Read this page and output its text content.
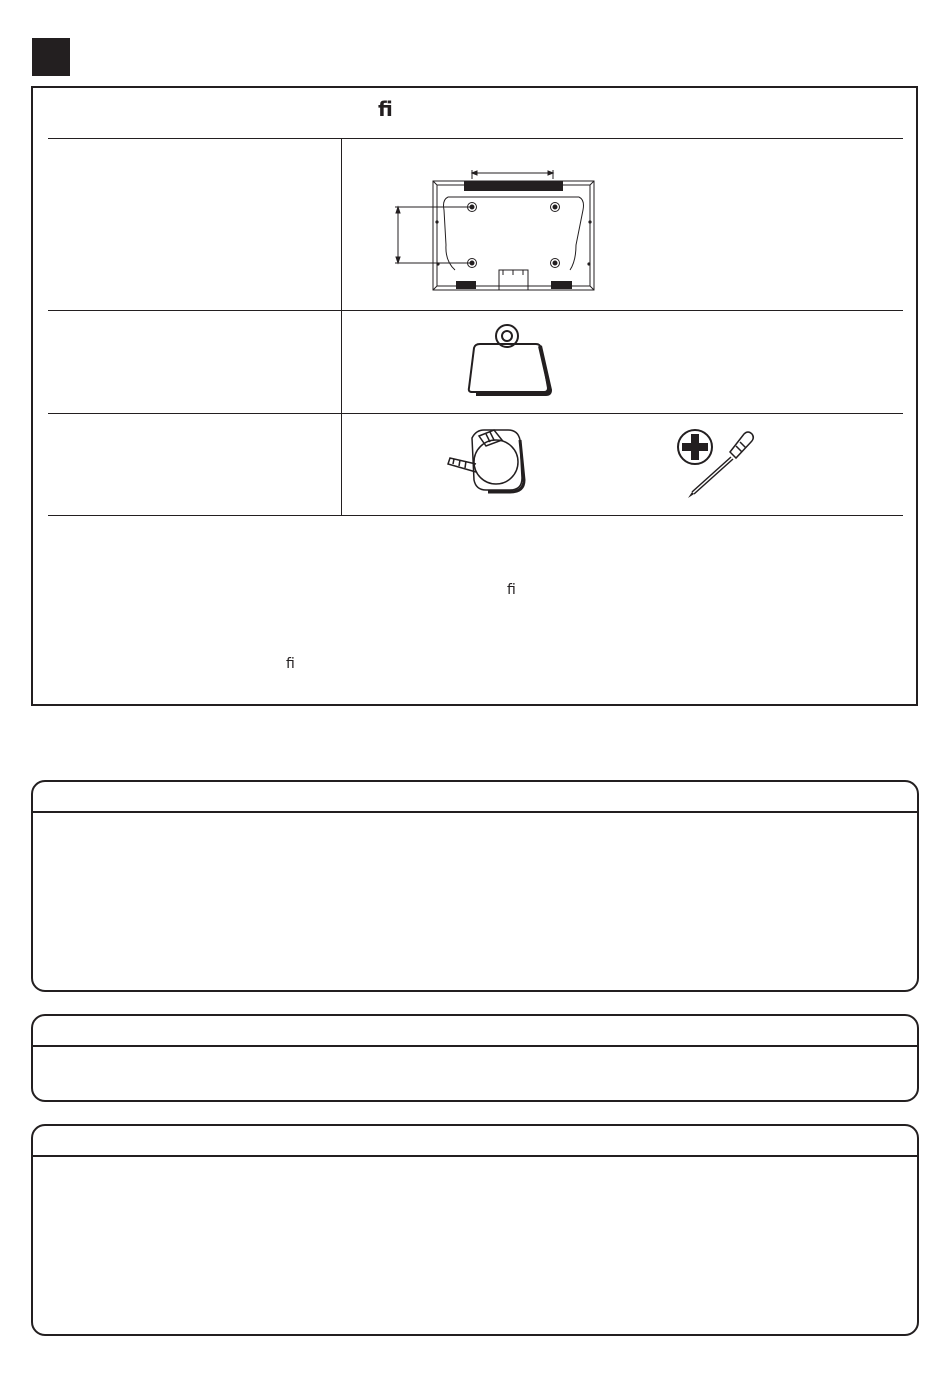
ﬁ
ﬁ
ﬁ
